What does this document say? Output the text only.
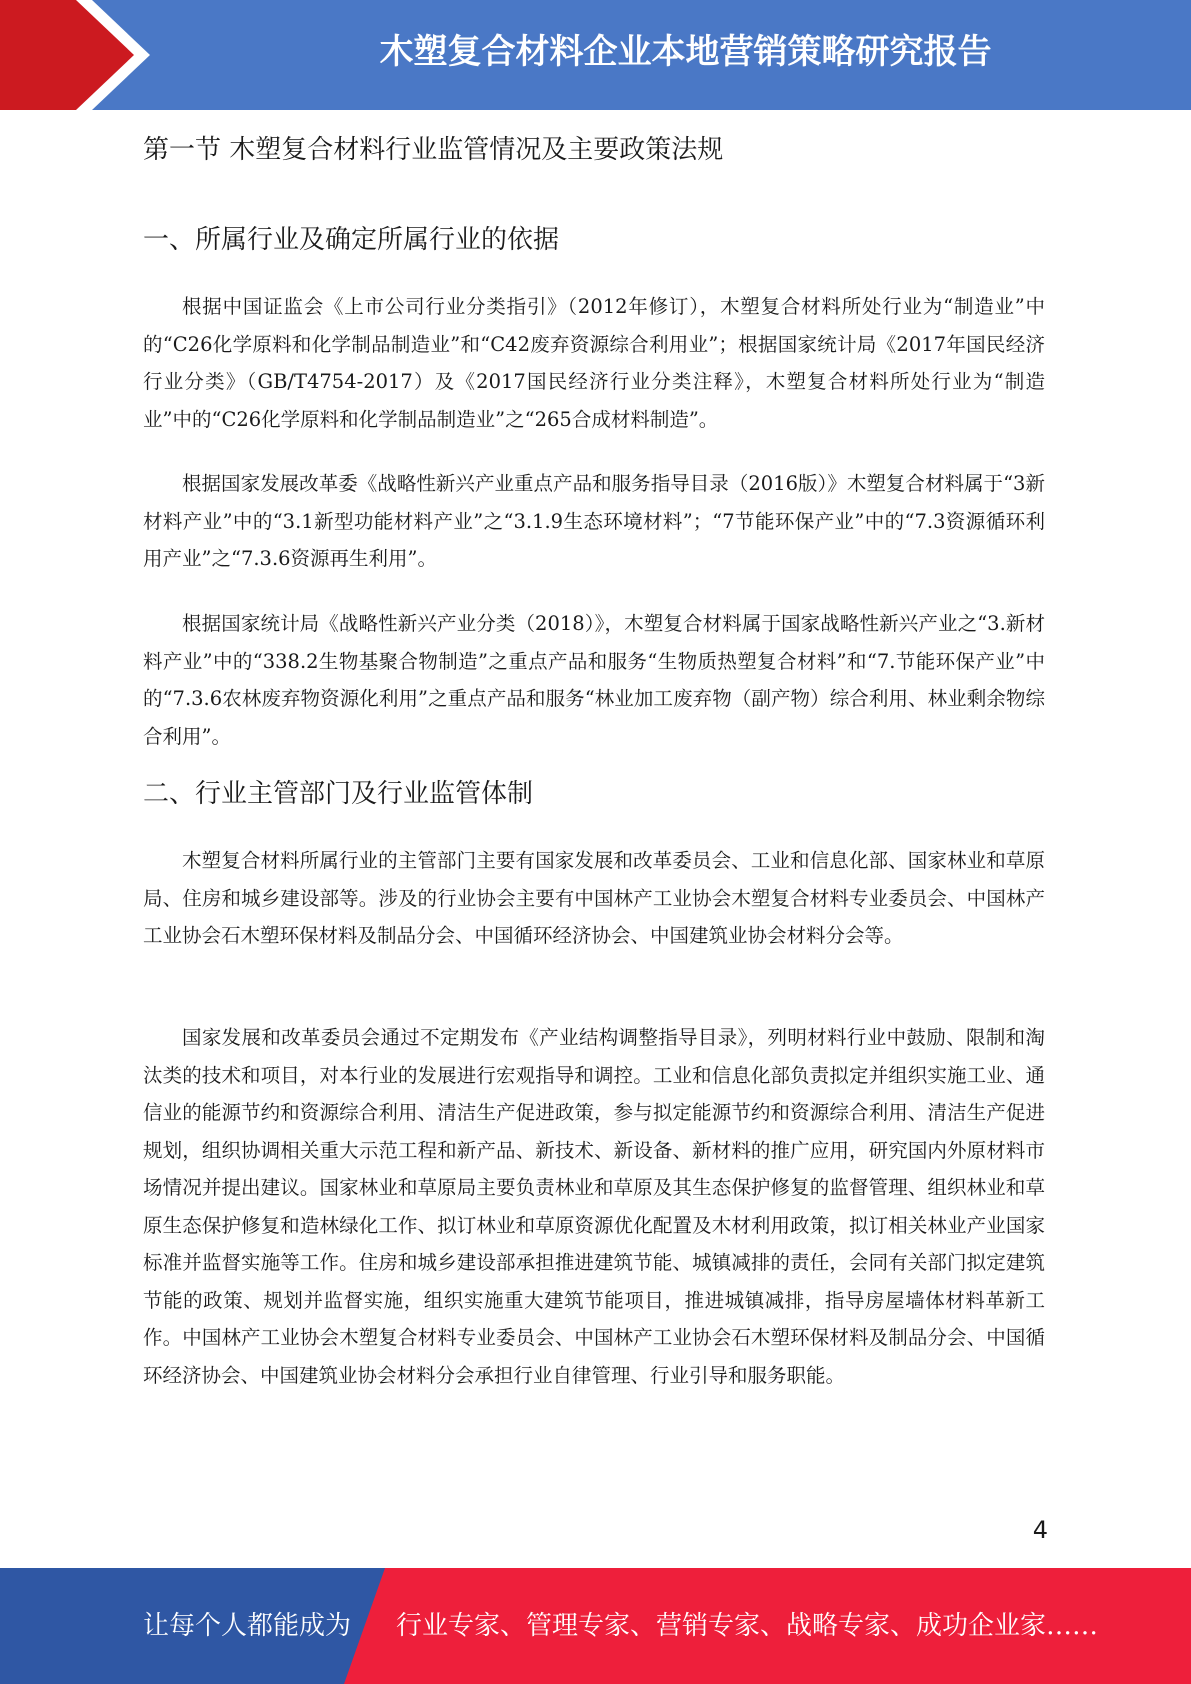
木塑复合材料企业本地营销策略研究报告
第一节 木塑复合材料行业监管情况及主要政策法规
一、所属行业及确定所属行业的依据

根据中国证监会《上市公司行业分类指引》（2012年修订），木塑复合材料所处行业为“制造业”中的“C26化学原料和化学制品制造业”和“C42废弃资源综合利用业”；根据国家统计局《2017年国民经济行业分类》（GB/T4754-2017）及《2017国民经济行业分类注释》，木塑复合材料所处行业为“制造业”中的“C26化学原料和化学制品制造业”之“265合成材料制造”。

根据国家发展改革委《战略性新兴产业重点产品和服务指导目录（2016版）》木塑复合材料属于“3新材料产业”中的“3.1新型功能材料产业”之“3.1.9生态环境材料”；“7节能环保产业”中的“7.3资源循环利用产业”之“7.3.6资源再生利用”。

根据国家统计局《战略性新兴产业分类（2018）》，木塑复合材料属于国家战略性新兴产业之“3.新材料产业”中的“338.2生物基聚合物制造”之重点产品和服务“生物质热塑复合材料”和“7.节能环保产业”中的“7.3.6农林废弃物资源化利用”之重点产品和服务“林业加工废弃物（副产物）综合利用、林业剩余物综合利用”。

二、行业主管部门及行业监管体制

木塑复合材料所属行业的主管部门主要有国家发展和改革委员会、工业和信息化部、国家林业和草原局、住房和城乡建设部等。涉及的行业协会主要有中国林产工业协会木塑复合材料专业委员会、中国林产工业协会石木塑环保材料及制品分会、中国循环经济协会、中国建筑业协会材料分会等。

国家发展和改革委员会通过不定期发布《产业结构调整指导目录》，列明材料行业中鼓励、限制和淘汰类的技术和项目，对本行业的发展进行宏观指导和调控。工业和信息化部负责拟定并组织实施工业、通信业的能源节约和资源综合利用、清洁生产促进政策，参与拟定能源节约和资源综合利用、清洁生产促进规划，组织协调相关重大示范工程和新产品、新技术、新设备、新材料的推广应用，研究国内外原材料市场情况并提出建议。国家林业和草原局主要负责林业和草原及其生态保护修复的监督管理、组织林业和草原生态保护修复和造林绿化工作、拟订林业和草原资源优化配置及木材利用政策，拟订相关林业产业国家标准并监督实施等工作。住房和城乡建设部承担推进建筑节能、城镇减排的责任，会同有关部门拟定建筑节能的政策、规划并监督实施，组织实施重大建筑节能项目，推进城镇减排，指导房屋墙体材料革新工作。中国林产工业协会木塑复合材料专业委员会、中国林产工业协会石木塑环保材料及制品分会、中国循环经济协会、中国建筑业协会材料分会承担行业自律管理、行业引导和服务职能。

4
让每个人都能成为 行业专家、管理专家、营销专家、战略专家、成功企业家……
